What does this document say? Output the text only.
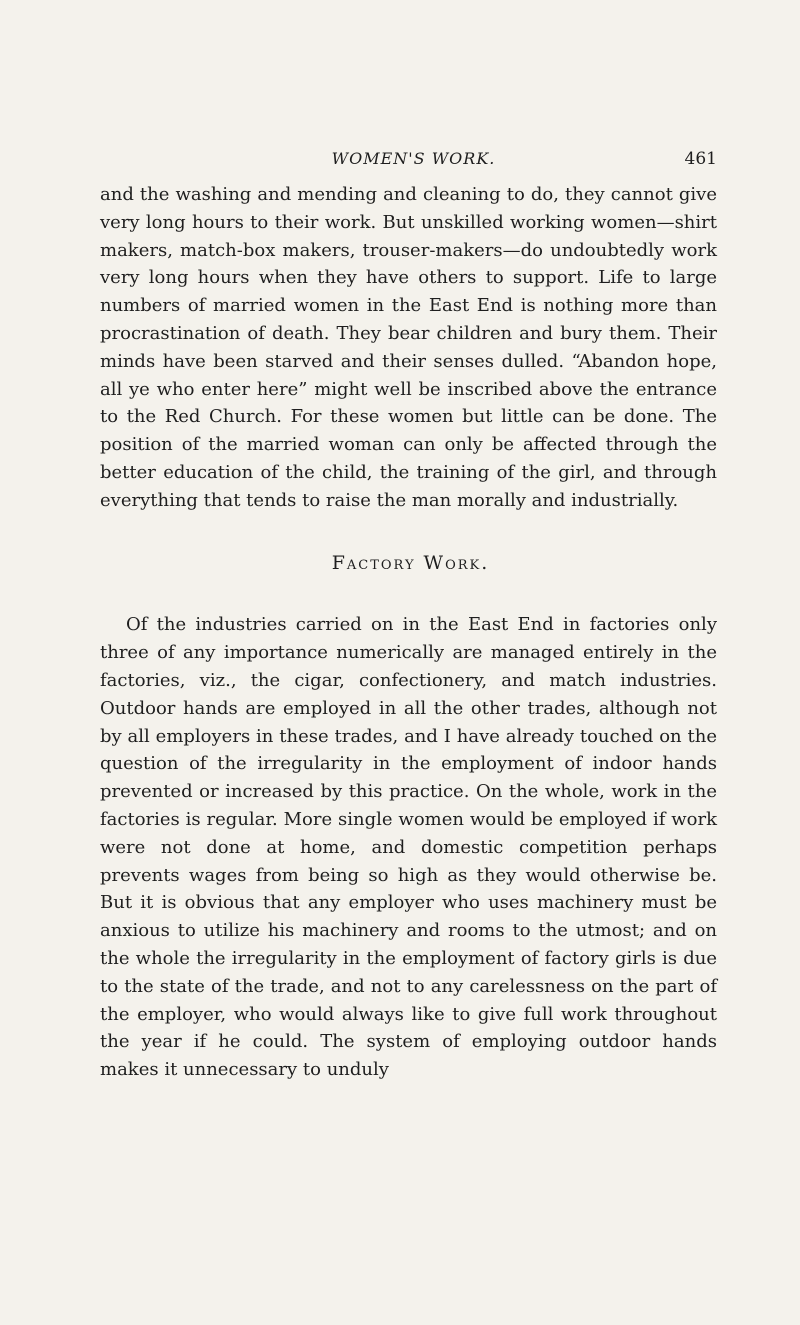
WOMEN'S WORK.	461

and the washing and mending and cleaning to do, they cannot give very long hours to their work. But unskilled working women—shirt makers, match-box makers, trouser-makers—do undoubtedly work very long hours when they have others to support. Life to large numbers of married women in the East End is nothing more than procrastination of death. They bear children and bury them. Their minds have been starved and their senses dulled. “Abandon hope, all ye who enter here” might well be inscribed above the entrance to the Red Church. For these women but little can be done. The position of the married woman can only be affected through the better education of the child, the training of the girl, and through everything that tends to raise the man morally and industrially.

Factory Work.

Of the industries carried on in the East End in factories only three of any importance numerically are managed entirely in the factories, viz., the cigar, confectionery, and match industries. Outdoor hands are employed in all the other trades, although not by all employers in these trades, and I have already touched on the question of the irregularity in the employment of indoor hands prevented or increased by this practice. On the whole, work in the factories is regular. More single women would be employed if work were not done at home, and domestic competition perhaps prevents wages from being so high as they would otherwise be. But it is obvious that any employer who uses machinery must be anxious to utilize his machinery and rooms to the utmost; and on the whole the irregularity in the employment of factory girls is due to the state of the trade, and not to any carelessness on the part of the employer, who would always like to give full work throughout the year if he could. The system of employing outdoor hands makes it unnecessary to unduly
